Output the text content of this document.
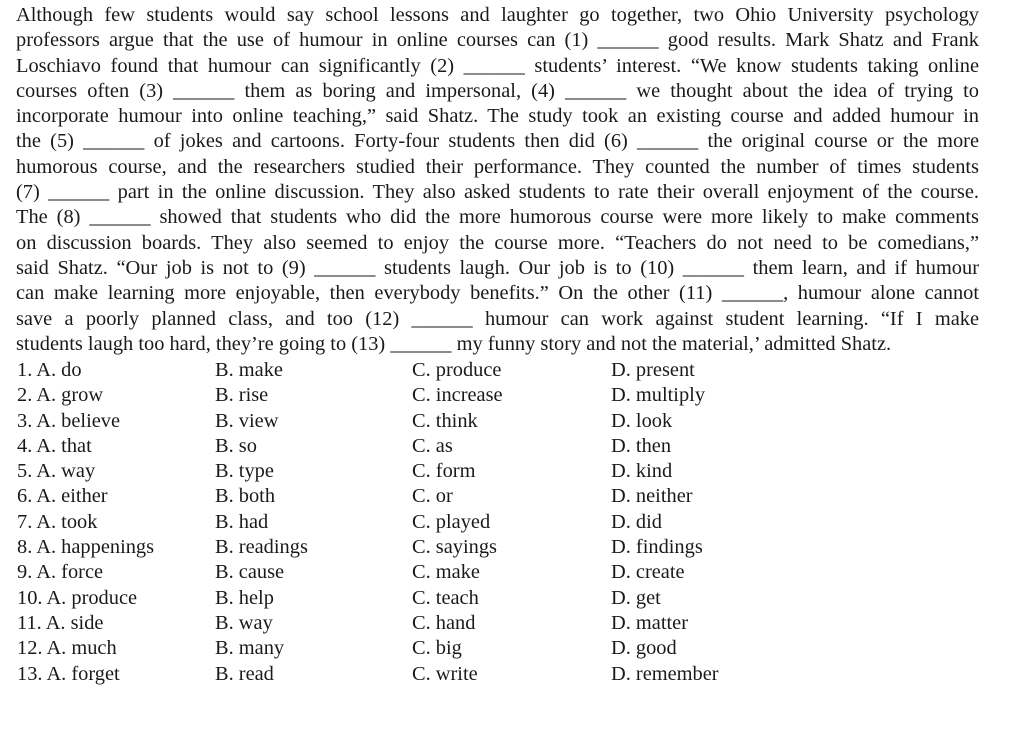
Although few students would say school lessons and laughter go together, two Ohio University psychology
professors argue that the use of humour in online courses can (1) ______ good results. Mark Shatz and Frank
Loschiavo found that humour can significantly (2) ______ students’ interest. “We know students taking online
courses often (3) ______ them as boring and impersonal, (4) ______ we thought about the idea of trying to
incorporate humour into online teaching,” said Shatz. The study took an existing course and added humour in
the (5) ______ of jokes and cartoons. Forty-four students then did (6) ______ the original course or the more
humorous course, and the researchers studied their performance. They counted the number of times students
(7) ______ part in the online discussion. They also asked students to rate their overall enjoyment of the course.
The (8) ______ showed that students who did the more humorous course were more likely to make comments
on discussion boards. They also seemed to enjoy the course more. “Teachers do not need to be comedians,”
said Shatz. “Our job is not to (9) ______ students laugh. Our job is to (10) ______ them learn, and if humour
can make learning more enjoyable, then everybody benefits.” On the other (11) ______, humour alone cannot
save a poorly planned class, and too (12) ______ humour can work against student learning. “If I make
students laugh too hard, they’re going to (13) ______ my funny story and not the material,’ admitted Shatz.
1. A. do	B. make	C. produce	D. present
2. A. grow	B. rise	C. increase	D. multiply
3. A. believe	B. view	C. think	D. look
4. A. that	B. so	C. as	D. then
5. A. way	B. type	C. form	D. kind
6. A. either	B. both	C. or	D. neither
7. A. took	B. had	C. played	D. did
8. A. happenings	B. readings	C. sayings	D. findings
9. A. force	B. cause	C. make	D. create
10. A. produce	B. help	C. teach	D. get
11. A. side	B. way	C. hand	D. matter
12. A. much	B. many	C. big	D. good
13. A. forget	B. read	C. write	D. remember
